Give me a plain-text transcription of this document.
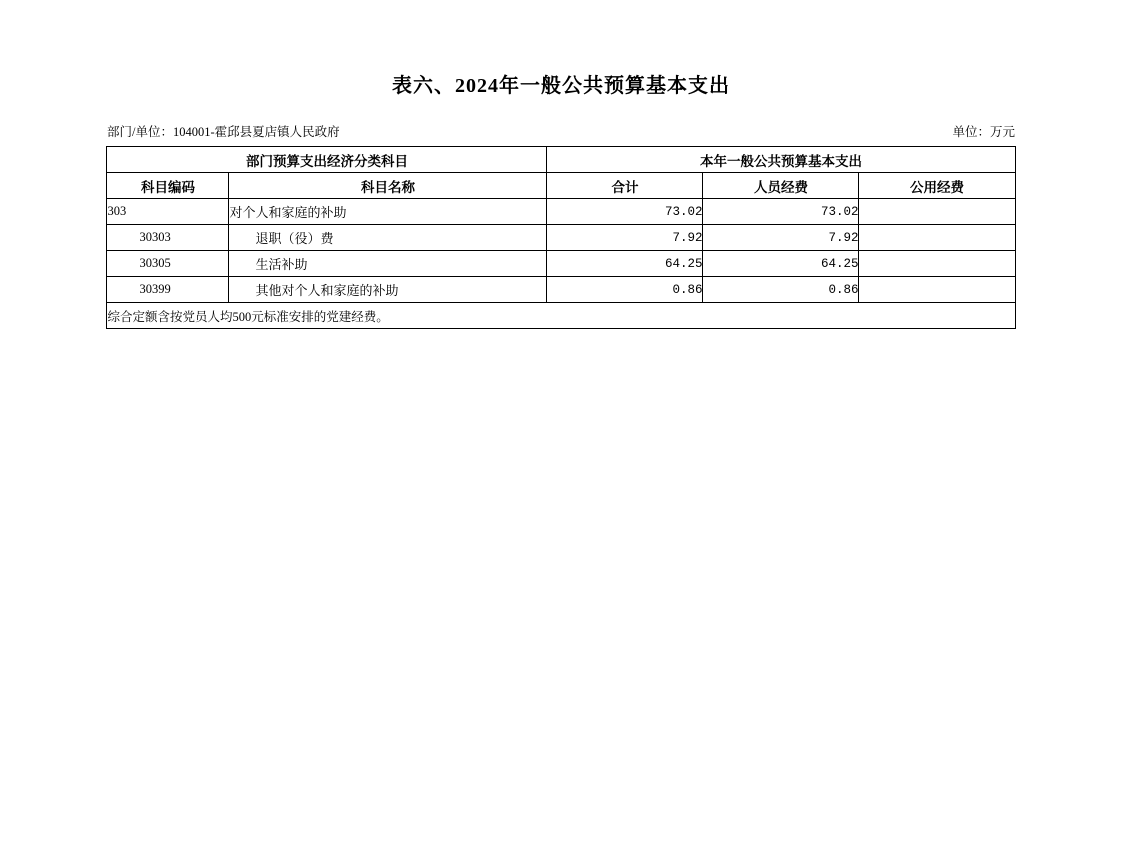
表六、2024年一般公共预算基本支出
部门/单位：104001-霍邱县夏店镇人民政府	单位：万元
部门预算支出经济分类科目		本年一般公共预算基本支出		
科目编码	科目名称	合计	人员经费	公用经费
303	对个人和家庭的补助	73.02	73.02	
30303	退职（役）费	7.92	7.92	
30305	生活补助	64.25	64.25	
30399	其他对个人和家庭的补助	0.86	0.86	
综合定额含按党员人均500元标准安排的党建经费。				
